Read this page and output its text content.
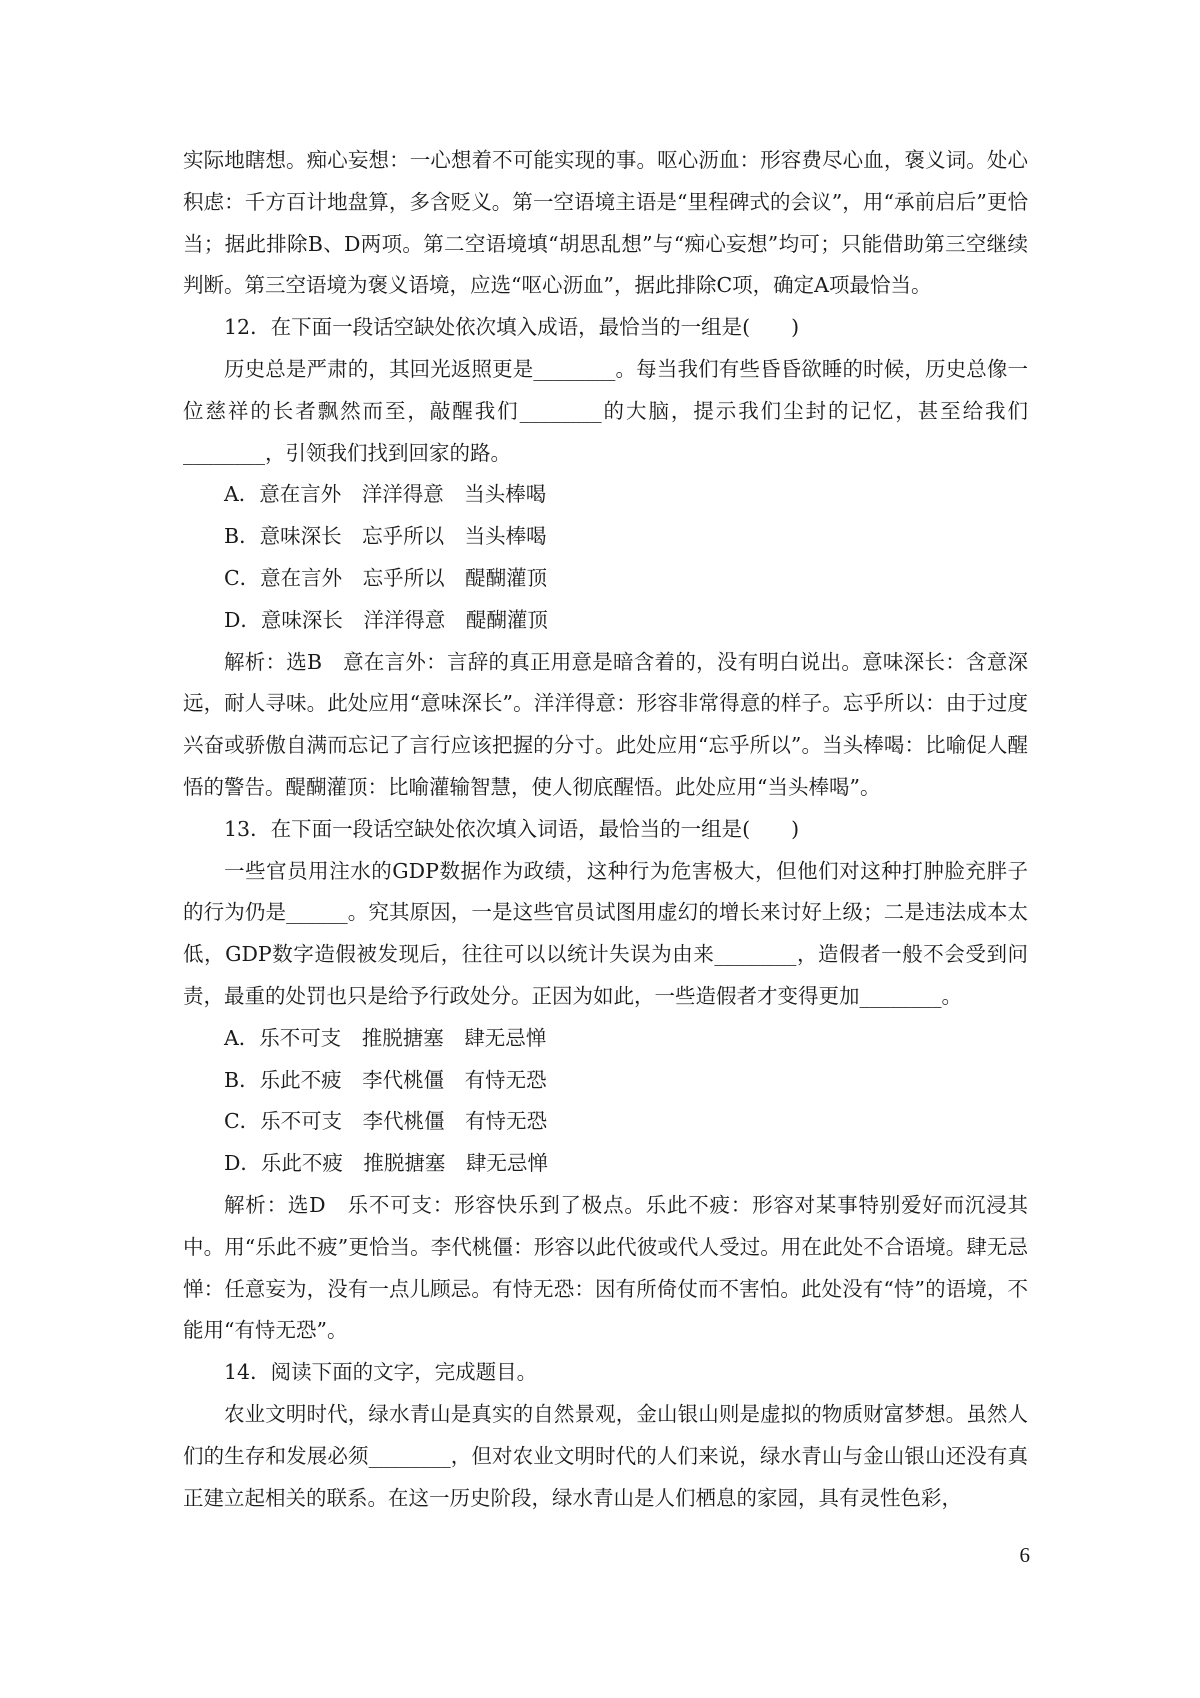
实际地瞎想。痴心妄想：一心想着不可能实现的事。呕心沥血：形容费尽心血，褒义词。处心积虑：千方百计地盘算，多含贬义。第一空语境主语是“里程碑式的会议”，用“承前启后”更恰当；据此排除B、D两项。第二空语境填“胡思乱想”与“痴心妄想”均可；只能借助第三空继续判断。第三空语境为褒义语境，应选“呕心沥血”，据此排除C项，确定A项最恰当。

12．在下面一段话空缺处依次填入成语，最恰当的一组是(　　)

历史总是严肃的，其回光返照更是________。每当我们有些昏昏欲睡的时候，历史总像一位慈祥的长者飘然而至，敲醒我们________的大脑，提示我们尘封的记忆，甚至给我们________，引领我们找到回家的路。

A．意在言外　洋洋得意　当头棒喝

B．意味深长　忘乎所以　当头棒喝

C．意在言外　忘乎所以　醍醐灌顶

D．意味深长　洋洋得意　醍醐灌顶

解析：选B　意在言外：言辞的真正用意是暗含着的，没有明白说出。意味深长：含意深远，耐人寻味。此处应用“意味深长”。洋洋得意：形容非常得意的样子。忘乎所以：由于过度兴奋或骄傲自满而忘记了言行应该把握的分寸。此处应用“忘乎所以”。当头棒喝：比喻促人醒悟的警告。醍醐灌顶：比喻灌输智慧，使人彻底醒悟。此处应用“当头棒喝”。

13．在下面一段话空缺处依次填入词语，最恰当的一组是(　　)

一些官员用注水的GDP数据作为政绩，这种行为危害极大，但他们对这种打肿脸充胖子的行为仍是______。究其原因，一是这些官员试图用虚幻的增长来讨好上级；二是违法成本太低，GDP数字造假被发现后，往往可以以统计失误为由来________，造假者一般不会受到问责，最重的处罚也只是给予行政处分。正因为如此，一些造假者才变得更加________。

A．乐不可支　推脱搪塞　肆无忌惮

B．乐此不疲　李代桃僵　有恃无恐

C．乐不可支　李代桃僵　有恃无恐

D．乐此不疲　推脱搪塞　肆无忌惮

解析：选D　乐不可支：形容快乐到了极点。乐此不疲：形容对某事特别爱好而沉浸其中。用“乐此不疲”更恰当。李代桃僵：形容以此代彼或代人受过。用在此处不合语境。肆无忌惮：任意妄为，没有一点儿顾忌。有恃无恐：因有所倚仗而不害怕。此处没有“恃”的语境，不能用“有恃无恐”。

14．阅读下面的文字，完成题目。

农业文明时代，绿水青山是真实的自然景观，金山银山则是虚拟的物质财富梦想。虽然人们的生存和发展必须________，但对农业文明时代的人们来说，绿水青山与金山银山还没有真正建立起相关的联系。在这一历史阶段，绿水青山是人们栖息的家园，具有灵性色彩，

6
